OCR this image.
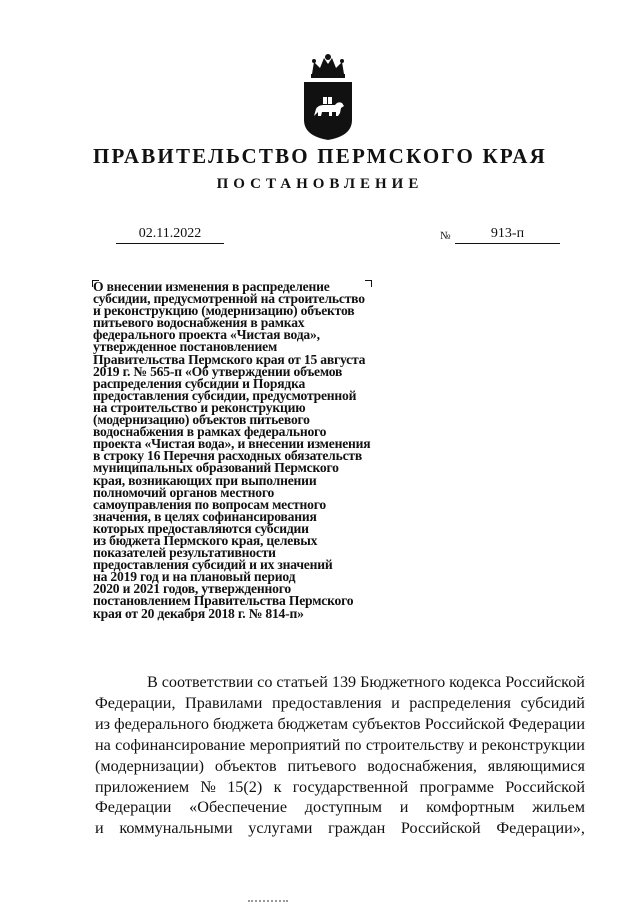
ПРАВИТЕЛЬСТВО ПЕРМСКОГО КРАЯ
ПОСТАНОВЛЕНИЕ
02.11.2022	№	913-п
О внесении изменения в распределение
субсидии, предусмотренной на строительство
и реконструкцию (модернизацию) объектов
питьевого водоснабжения в рамках
федерального проекта «Чистая вода»,
утвержденное постановлением
Правительства Пермского края от 15 августа
2019 г. № 565-п «Об утверждении объемов
распределения субсидии и Порядка
предоставления субсидии, предусмотренной
на строительство и реконструкцию
(модернизацию) объектов питьевого
водоснабжения в рамках федерального
проекта «Чистая вода», и внесении изменения
в строку 16 Перечня расходных обязательств
муниципальных образований Пермского
края, возникающих при выполнении
полномочий органов местного
самоуправления по вопросам местного
значения, в целях софинансирования
которых предоставляются субсидии
из бюджета Пермского края, целевых
показателей результативности
предоставления субсидий и их значений
на 2019 год и на плановый период
2020 и 2021 годов, утвержденного
постановлением Правительства Пермского
края от 20 декабря 2018 г. № 814-п»
В соответствии со статьей 139 Бюджетного кодекса Российской
Федерации, Правилами предоставления и распределения субсидий
из федерального бюджета бюджетам субъектов Российской Федерации
на софинансирование мероприятий по строительству и реконструкции
(модернизации) объектов питьевого водоснабжения, являющимися
приложением № 15(2) к государственной программе Российской
Федерации «Обеспечение доступным и комфортным жильем
и коммунальными услугами граждан Российской Федерации»,
